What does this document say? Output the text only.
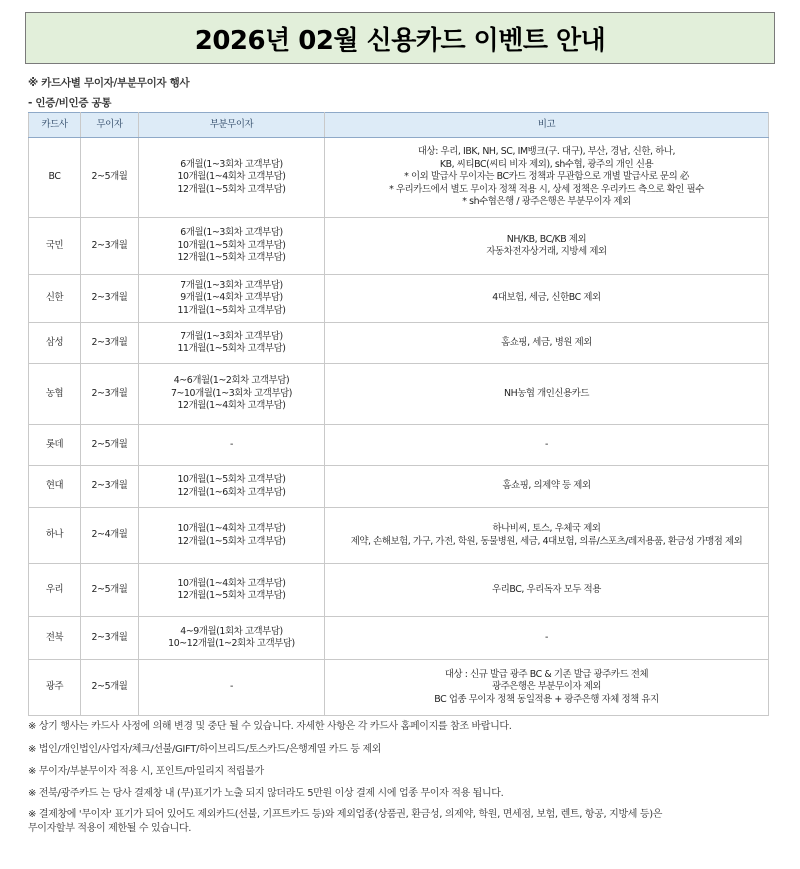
2026년 02월 신용카드 이벤트 안내
※ 카드사별 무이자/부분무이자 행사
- 인증/비인증 공통
카드사	무이자	부분무이자	비고
BC	2~5개월	6개월(1~3회차 고객부담)
10개월(1~4회차 고객부담)
12개월(1~5회차 고객부담)	대상: 우리, IBK, NH, SC, IM뱅크(구. 대구), 부산, 경남, 신한, 하나,
KB, 씨티BC(씨티 비자 제외), sh수협, 광주의 개인 신용
* 이외 발급사 무이자는 BC카드 정책과 무관함으로 개별 발급사로 문의 必
* 우리카드에서 별도 무이자 정책 적용 시, 상세 정책은 우리카드 측으로 확인 필수
* sh수협은행 / 광주은행은 부분무이자 제외

국민	2~3개월	6개월(1~3회차 고객부담)
10개월(1~5회차 고객부담)
12개월(1~5회차 고객부담)	NH/KB, BC/KB 제외
자동차전자상거래, 지방세 제외

신한	2~3개월	7개월(1~3회차 고객부담)
9개월(1~4회차 고객부담)
11개월(1~5회차 고객부담)	4대보험, 세금, 신한BC 제외

삼성	2~3개월	7개월(1~3회차 고객부담)
11개월(1~5회차 고객부담)	홈쇼핑, 세금, 병원 제외

농협	2~3개월	4~6개월(1~2회차 고객부담)
7~10개월(1~3회차 고객부담)
12개월(1~4회차 고객부담)	NH농협 개인신용카드

롯데	2~5개월	-	-

현대	2~3개월	10개월(1~5회차 고객부담)
12개월(1~6회차 고객부담)	홈쇼핑, 의제약 등 제외

하나	2~4개월	10개월(1~4회차 고객부담)
12개월(1~5회차 고객부담)	하나비씨, 토스, 우체국 제외
제약, 손해보험, 가구, 가전, 학원, 동물병원, 세금, 4대보험, 의류/스포츠/레저용품, 환금성 가맹점 제외

우리	2~5개월	10개월(1~4회차 고객부담)
12개월(1~5회차 고객부담)	우리BC, 우리독자 모두 적용

전북	2~3개월	4~9개월(1회차 고객부담)
10~12개월(1~2회차 고객부담)	-

광주	2~5개월	-	대상 : 신규 발급 광주 BC & 기존 발급 광주카드 전체
광주은행은 부분무이자 제외
BC 업종 무이자 정책 동일적용 + 광주은행 자체 정책 유지
※ 상기 행사는 카드사 사정에 의해 변경 및 중단 될 수 있습니다. 자세한 사항은 각 카드사 홈페이지를 참조 바랍니다.
※ 법인/개인법인/사업자/체크/선불/GIFT/하이브리드/토스카드/은행계열 카드 등 제외
※ 무이자/부분무이자 적용 시, 포인트/마일리지 적립불가
※ 전북/광주카드 는 당사 결제창 내 (무)표기가 노출 되지 않더라도 5만원 이상 결제 시에 업종 무이자 적용 됩니다.
※ 결제창에 '무이자' 표기가 되어 있어도 제외카드(선불, 기프트카드 등)와 제외업종(상품권, 환금성, 의제약, 학원, 면세점, 보험, 렌트, 항공, 지방세 등)은
무이자할부 적용이 제한될 수 있습니다.
